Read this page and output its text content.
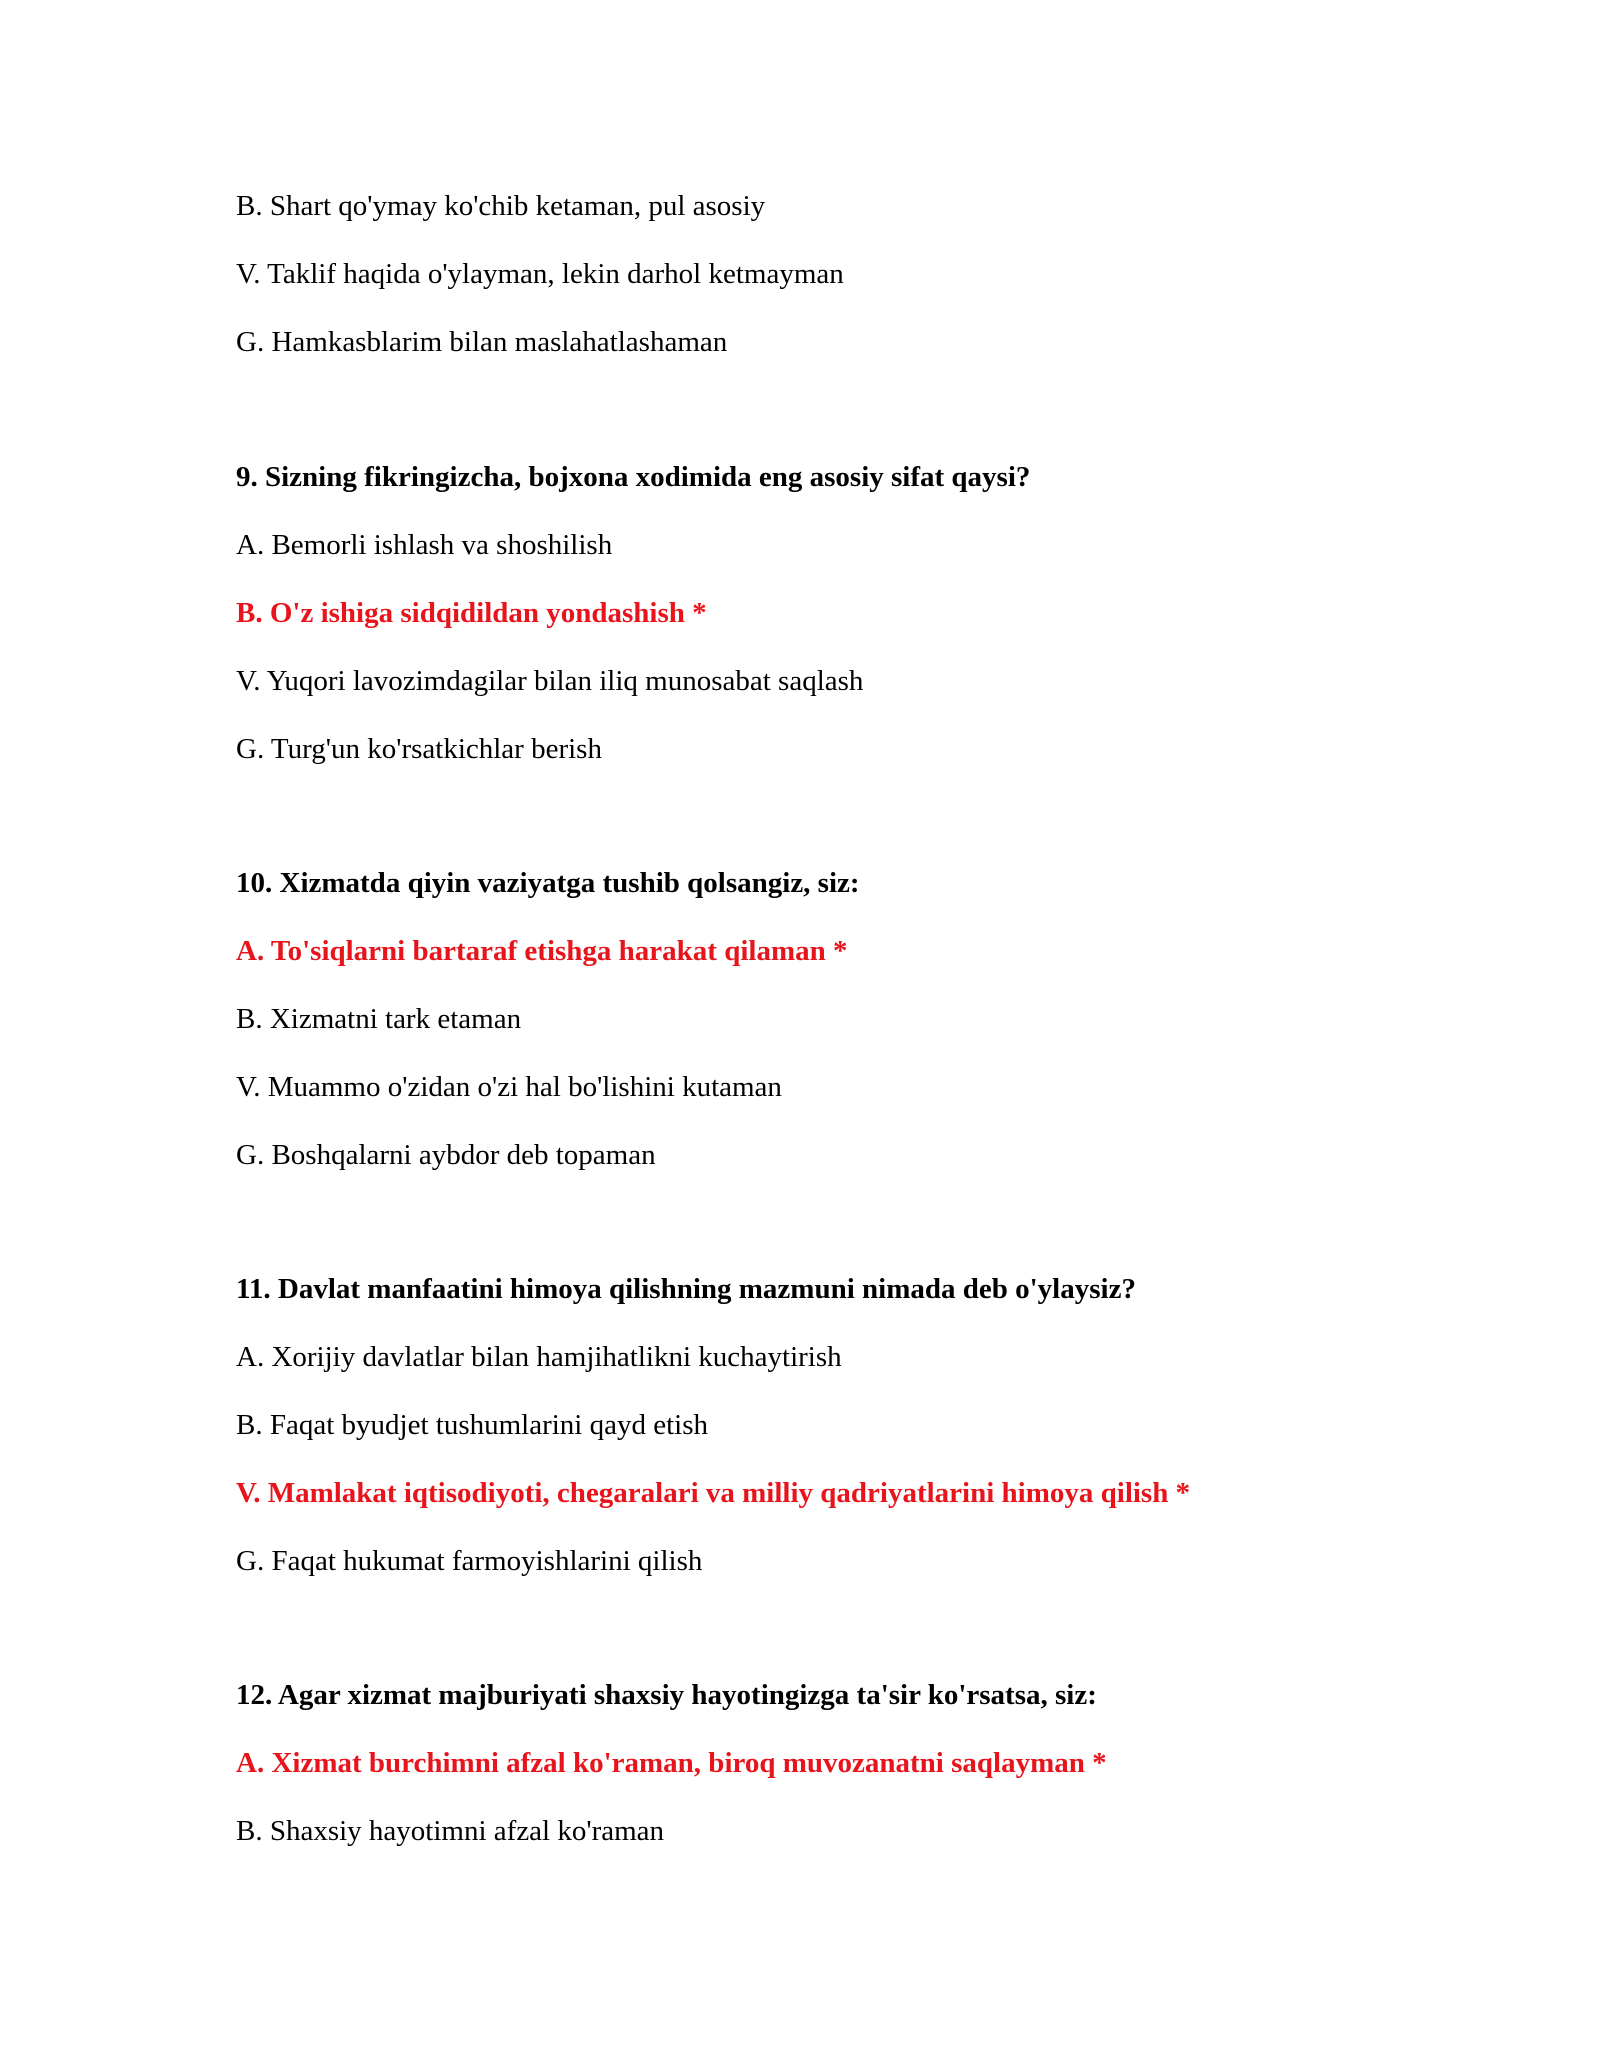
B. Shart qo'ymay ko'chib ketaman, pul asosiy
V. Taklif haqida o'ylayman, lekin darhol ketmayman
G. Hamkasblarim bilan maslahatlashaman
9. Sizning fikringizcha, bojxona xodimida eng asosiy sifat qaysi?
A. Bemorli ishlash va shoshilish
B. O'z ishiga sidqidildan yondashish *
V. Yuqori lavozimdagilar bilan iliq munosabat saqlash
G. Turg'un ko'rsatkichlar berish
10. Xizmatda qiyin vaziyatga tushib qolsangiz, siz:
A. To'siqlarni bartaraf etishga harakat qilaman *
B. Xizmatni tark etaman
V. Muammo o'zidan o'zi hal bo'lishini kutaman
G. Boshqalarni aybdor deb topaman
11. Davlat manfaatini himoya qilishning mazmuni nimada deb o'ylaysiz?
A. Xorijiy davlatlar bilan hamjihatlikni kuchaytirish
B. Faqat byudjet tushumlarini qayd etish
V. Mamlakat iqtisodiyoti, chegaralari va milliy qadriyatlarini himoya qilish *
G. Faqat hukumat farmoyishlarini qilish
12. Agar xizmat majburiyati shaxsiy hayotingizga ta'sir ko'rsatsa, siz:
A. Xizmat burchimni afzal ko'raman, biroq muvozanatni saqlayman *
B. Shaxsiy hayotimni afzal ko'raman
